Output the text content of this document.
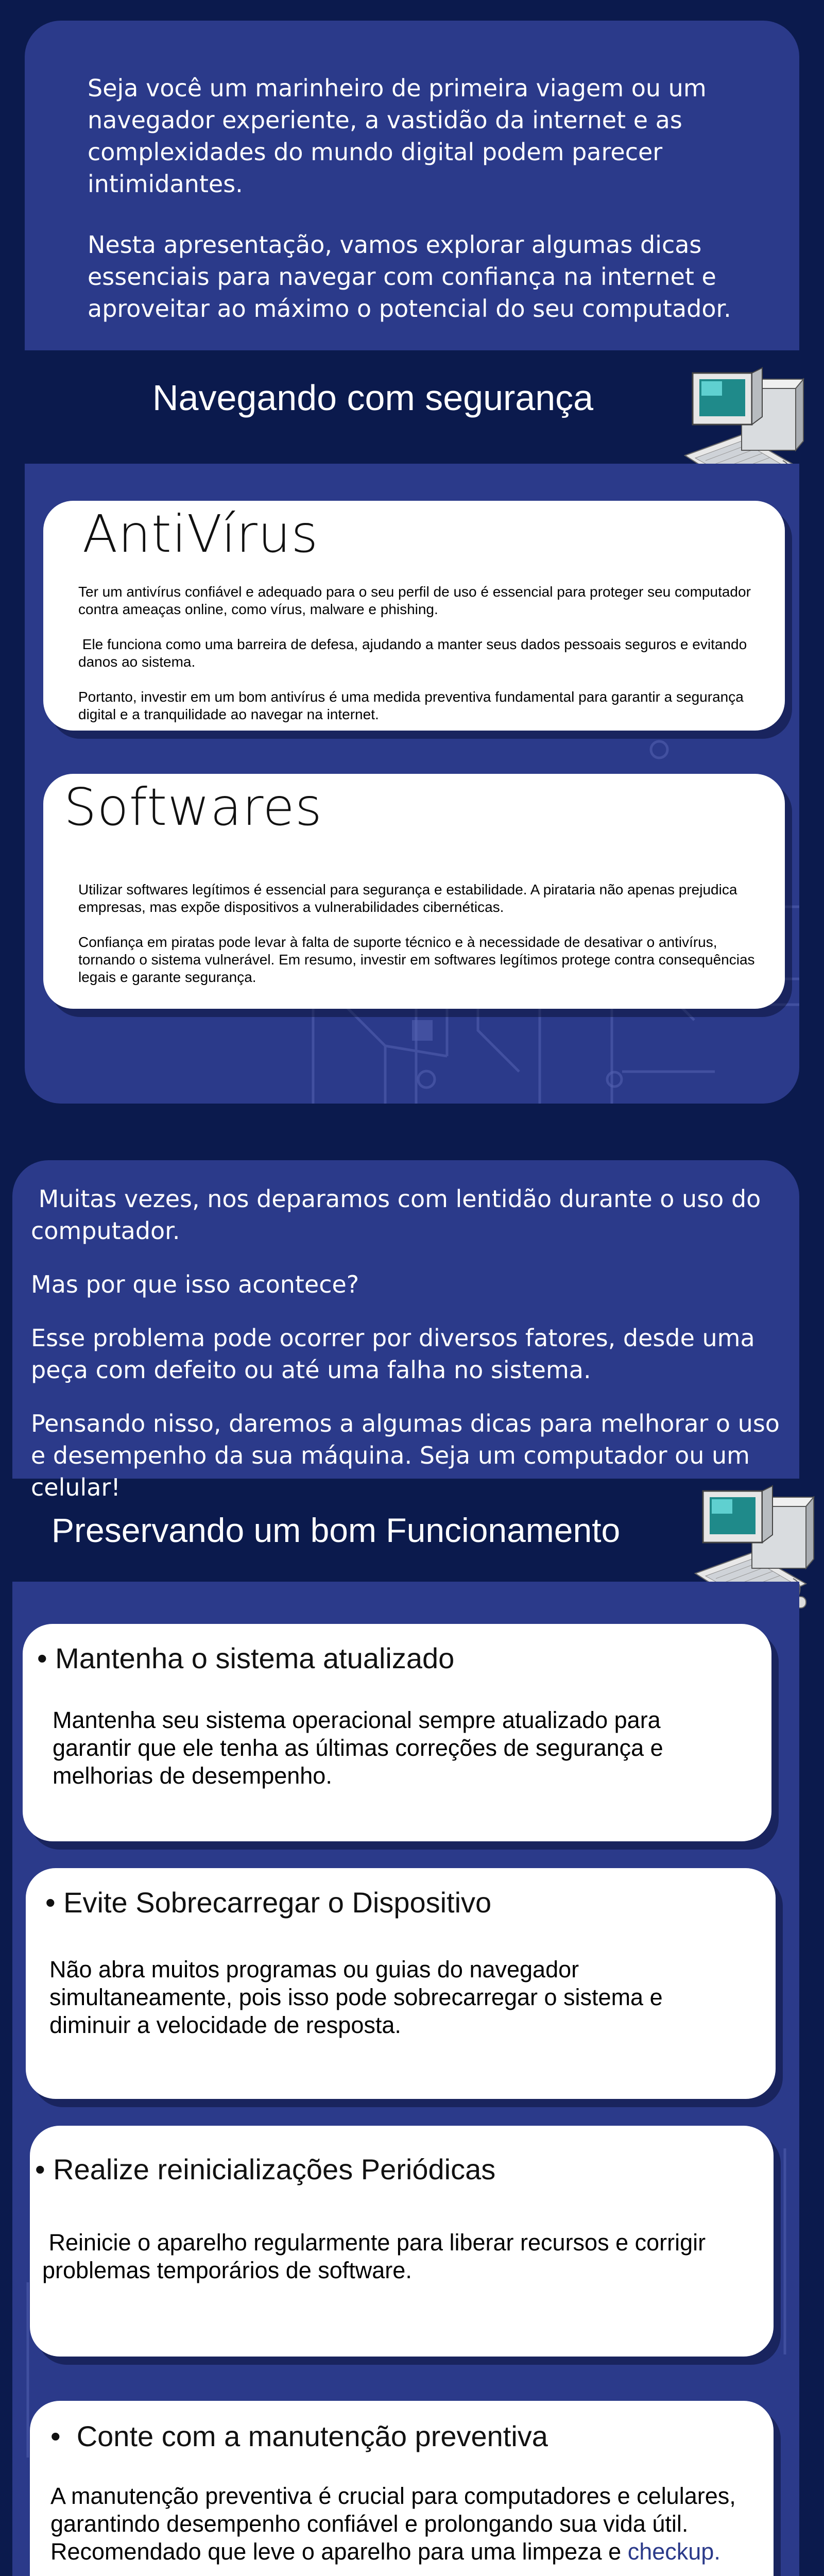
Seja você um marinheiro de primeira viagem ou um navegador experiente, a vastidão da internet e as complexidades do mundo digital podem parecer intimidantes.

Nesta apresentação, vamos explorar algumas dicas essenciais para navegar com confiança na internet e aproveitar ao máximo o potencial do seu computador.

Navegando com segurança
AntiVírus

Ter um antivírus confiável e adequado para o seu perfil de uso é essencial para proteger seu computador contra ameaças online, como vírus, malware e phishing.

Ele funciona como uma barreira de defesa, ajudando a manter seus dados pessoais seguros e evitando danos ao sistema.

Portanto, investir em um bom antivírus é uma medida preventiva fundamental para garantir a segurança digital e a tranquilidade ao navegar na internet.

Softwares

Utilizar softwares legítimos é essencial para segurança e estabilidade. A pirataria não apenas prejudica empresas, mas expõe dispositivos a vulnerabilidades cibernéticas.

Confiança em piratas pode levar à falta de suporte técnico e à necessidade de desativar o antivírus, tornando o sistema vulnerável. Em resumo, investir em softwares legítimos protege contra consequências legais e garante segurança.

Muitas vezes, nos deparamos com lentidão durante o uso do computador.

Mas por que isso acontece?

Esse problema pode ocorrer por diversos fatores, desde uma peça com defeito ou até uma falha no sistema.

Pensando nisso, daremos a algumas dicas para melhorar o uso e desempenho da sua máquina. Seja um computador ou um celular!

Preservando um bom Funcionamento
• Mantenha o sistema atualizado

Mantenha seu sistema operacional sempre atualizado para garantir que ele tenha as últimas correções de segurança e melhorias de desempenho.

• Evite Sobrecarregar o Dispositivo

Não abra muitos programas ou guias do navegador simultaneamente, pois isso pode sobrecarregar o sistema e diminuir a velocidade de resposta.

• Realize reinicializações Periódicas

Reinicie o aparelho regularmente para liberar recursos e corrigir problemas temporários de software.

•  Conte com a manutenção preventiva

A manutenção preventiva é crucial para computadores e celulares, garantindo desempenho confiável e prolongando sua vida útil. Recomendado que leve o aparelho para uma limpeza e checkup.
